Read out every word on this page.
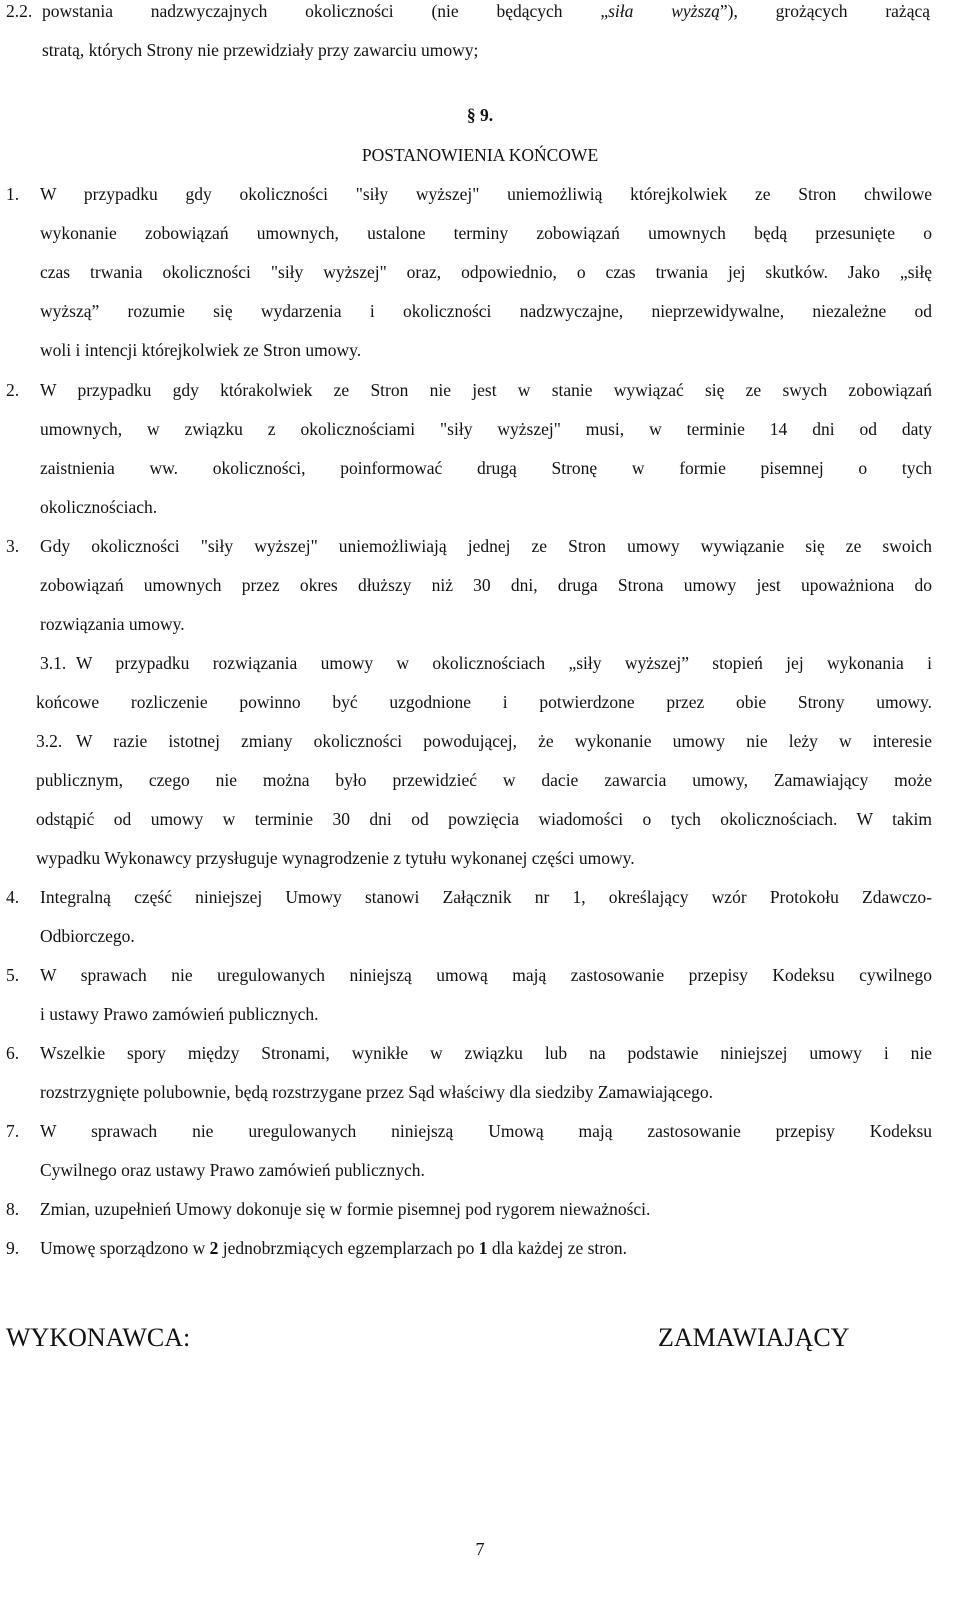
2.2. powstania nadzwyczajnych okoliczności (nie będących „siła wyższą”), grożących rażącą
stratą, których Strony nie przewidziały przy zawarciu umowy;
§ 9.
POSTANOWIENIA KOŃCOWE
1. W przypadku gdy okoliczności "siły wyższej" uniemożliwią którejkolwiek ze Stron chwilowe
wykonanie zobowiązań umownych, ustalone terminy zobowiązań umownych będą przesunięte o
czas trwania okoliczności "siły wyższej" oraz, odpowiednio, o czas trwania jej skutków. Jako „siłę
wyższą” rozumie się wydarzenia i okoliczności nadzwyczajne, nieprzewidywalne, niezależne od
woli i intencji którejkolwiek ze Stron umowy.
2. W przypadku gdy którakolwiek ze Stron nie jest w stanie wywiązać się ze swych zobowiązań
umownych, w związku z okolicznościami "siły wyższej" musi, w terminie 14 dni od daty
zaistnienia ww. okoliczności, poinformować drugą Stronę w formie pisemnej o tych
okolicznościach.
3. Gdy okoliczności "siły wyższej" uniemożliwiają jednej ze Stron umowy wywiązanie się ze swoich
zobowiązań umownych przez okres dłuższy niż 30 dni, druga Strona umowy jest upoważniona do
rozwiązania umowy.
3.1. W przypadku rozwiązania umowy w okolicznościach „siły wyższej” stopień jej wykonania i
końcowe rozliczenie powinno być uzgodnione i potwierdzone przez obie Strony umowy.
3.2. W razie istotnej zmiany okoliczności powodującej, że wykonanie umowy nie leży w interesie
publicznym, czego nie można było przewidzieć w dacie zawarcia umowy, Zamawiający może
odstąpić od umowy w terminie 30 dni od powzięcia wiadomości o tych okolicznościach. W takim
wypadku Wykonawcy przysługuje wynagrodzenie z tytułu wykonanej części umowy.
4. Integralną część niniejszej Umowy stanowi Załącznik nr 1, określający wzór Protokołu Zdawczo-
Odbiorczego.
5. W sprawach nie uregulowanych niniejszą umową mają zastosowanie przepisy Kodeksu cywilnego
i ustawy Prawo zamówień publicznych.
6. Wszelkie spory między Stronami, wynikłe w związku lub na podstawie niniejszej umowy i nie
rozstrzygnięte polubownie, będą rozstrzygane przez Sąd właściwy dla siedziby Zamawiającego.
7. W sprawach nie uregulowanych niniejszą Umową mają zastosowanie przepisy Kodeksu
Cywilnego oraz ustawy Prawo zamówień publicznych.
8. Zmian, uzupełnień Umowy dokonuje się w formie pisemnej pod rygorem nieważności.
9. Umowę sporządzono w 2 jednobrzmiących egzemplarzach po 1 dla każdej ze stron.
WYKONAWCA:	ZAMAWIAJĄCY
7
